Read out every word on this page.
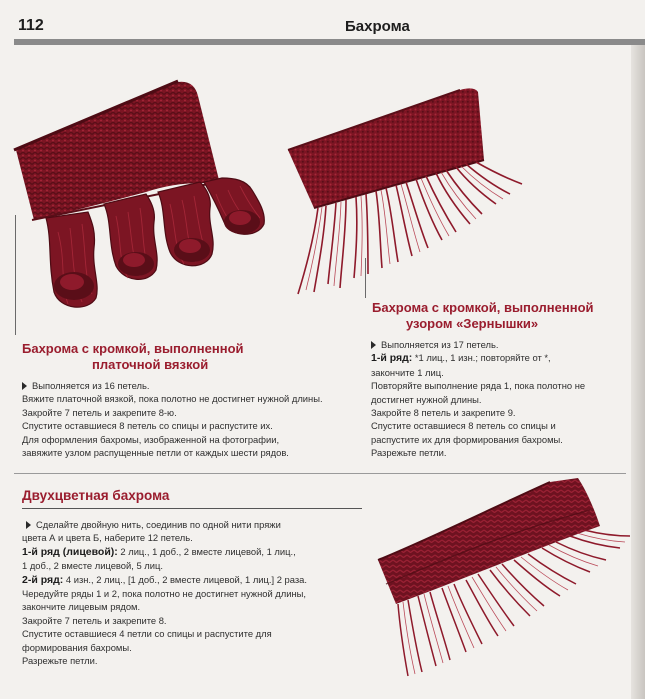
112	Бахрома
Бахрома с кромкой, выполненной
платочной вязкой

Выполняется из 16 петель.

Вяжите платочной вязкой, пока полотно не достигнет нужной длины.

Закройте 7 петель и закрепите 8-ю.

Спустите оставшиеся 8 петель со спицы и распустите их.

Для оформления бахромы, изображенной на фотографии,

завяжите узлом распущенные петли от каждых шести рядов.

Бахрома с кромкой, выполненной
узором «Зернышки»

Выполняется из 17 петель.

1-й ряд: *1 лиц., 1 изн.; повторяйте от *,

закончите 1 лиц.

Повторяйте выполнение ряда 1, пока полотно не

достигнет нужной длины.

Закройте 8 петель и закрепите 9.

Спустите оставшиеся 8 петель со спицы и

распустите их для формирования бахромы.

Разрежьте петли.

Двухцветная бахрома

Сделайте двойную нить, соединив по одной нити пряжи

цвета А и цвета Б, наберите 12 петель.

1-й ряд (лицевой): 2 лиц., 1 доб., 2 вместе лицевой, 1 лиц.,

1 доб., 2 вместе лицевой, 5 лиц.

2-й ряд: 4 изн., 2 лиц., [1 доб., 2 вместе лицевой, 1 лиц.] 2 раза.

Чередуйте ряды 1 и 2, пока полотно не достигнет нужной длины,

закончите лицевым рядом.

Закройте 7 петель и закрепите 8.

Спустите оставшиеся 4 петли со спицы и распустите для

формирования бахромы.

Разрежьте петли.
